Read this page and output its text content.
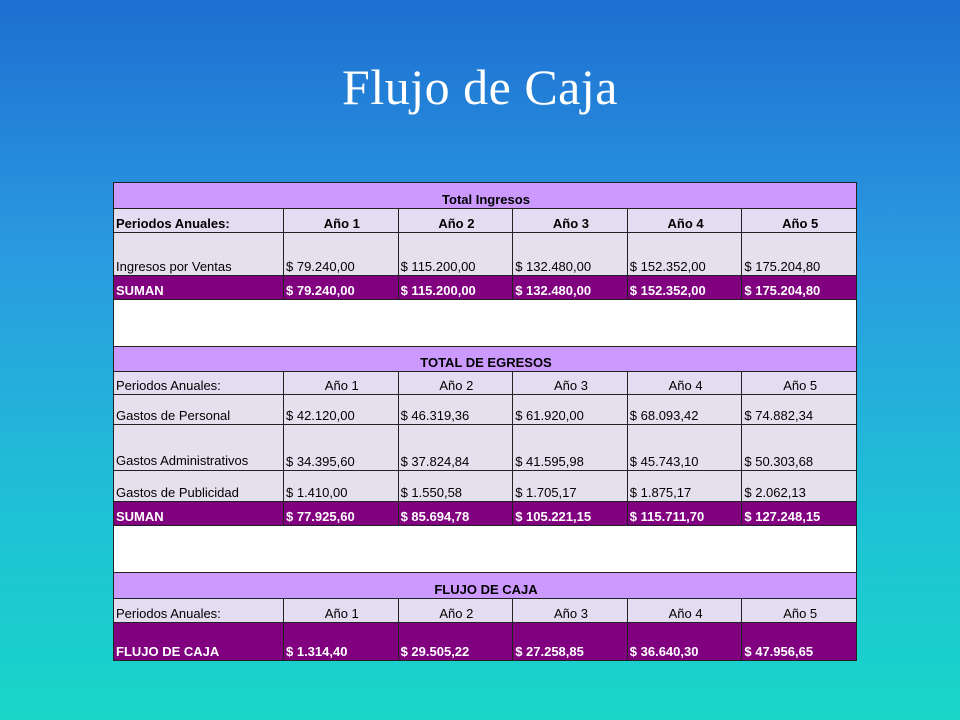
Flujo de Caja
Total Ingresos					
Periodos Anuales:	Año 1	Año 2	Año 3	Año 4	Año 5
Ingresos por Ventas	$ 79.240,00	$ 115.200,00	$ 132.480,00	$ 152.352,00	$ 175.204,80
SUMAN	$ 79.240,00	$ 115.200,00	$ 132.480,00	$ 152.352,00	$ 175.204,80

TOTAL DE EGRESOS					
Periodos Anuales:	Año 1	Año 2	Año 3	Año 4	Año 5
Gastos de Personal	$ 42.120,00	$ 46.319,36	$ 61.920,00	$ 68.093,42	$ 74.882,34
Gastos Administrativos	$ 34.395,60	$ 37.824,84	$ 41.595,98	$ 45.743,10	$ 50.303,68
Gastos de Publicidad	$ 1.410,00	$ 1.550,58	$ 1.705,17	$ 1.875,17	$ 2.062,13
SUMAN	$ 77.925,60	$ 85.694,78	$ 105.221,15	$ 115.711,70	$ 127.248,15

FLUJO DE CAJA					
Periodos Anuales:	Año 1	Año 2	Año 3	Año 4	Año 5
FLUJO DE CAJA	$ 1.314,40	$ 29.505,22	$ 27.258,85	$ 36.640,30	$ 47.956,65
